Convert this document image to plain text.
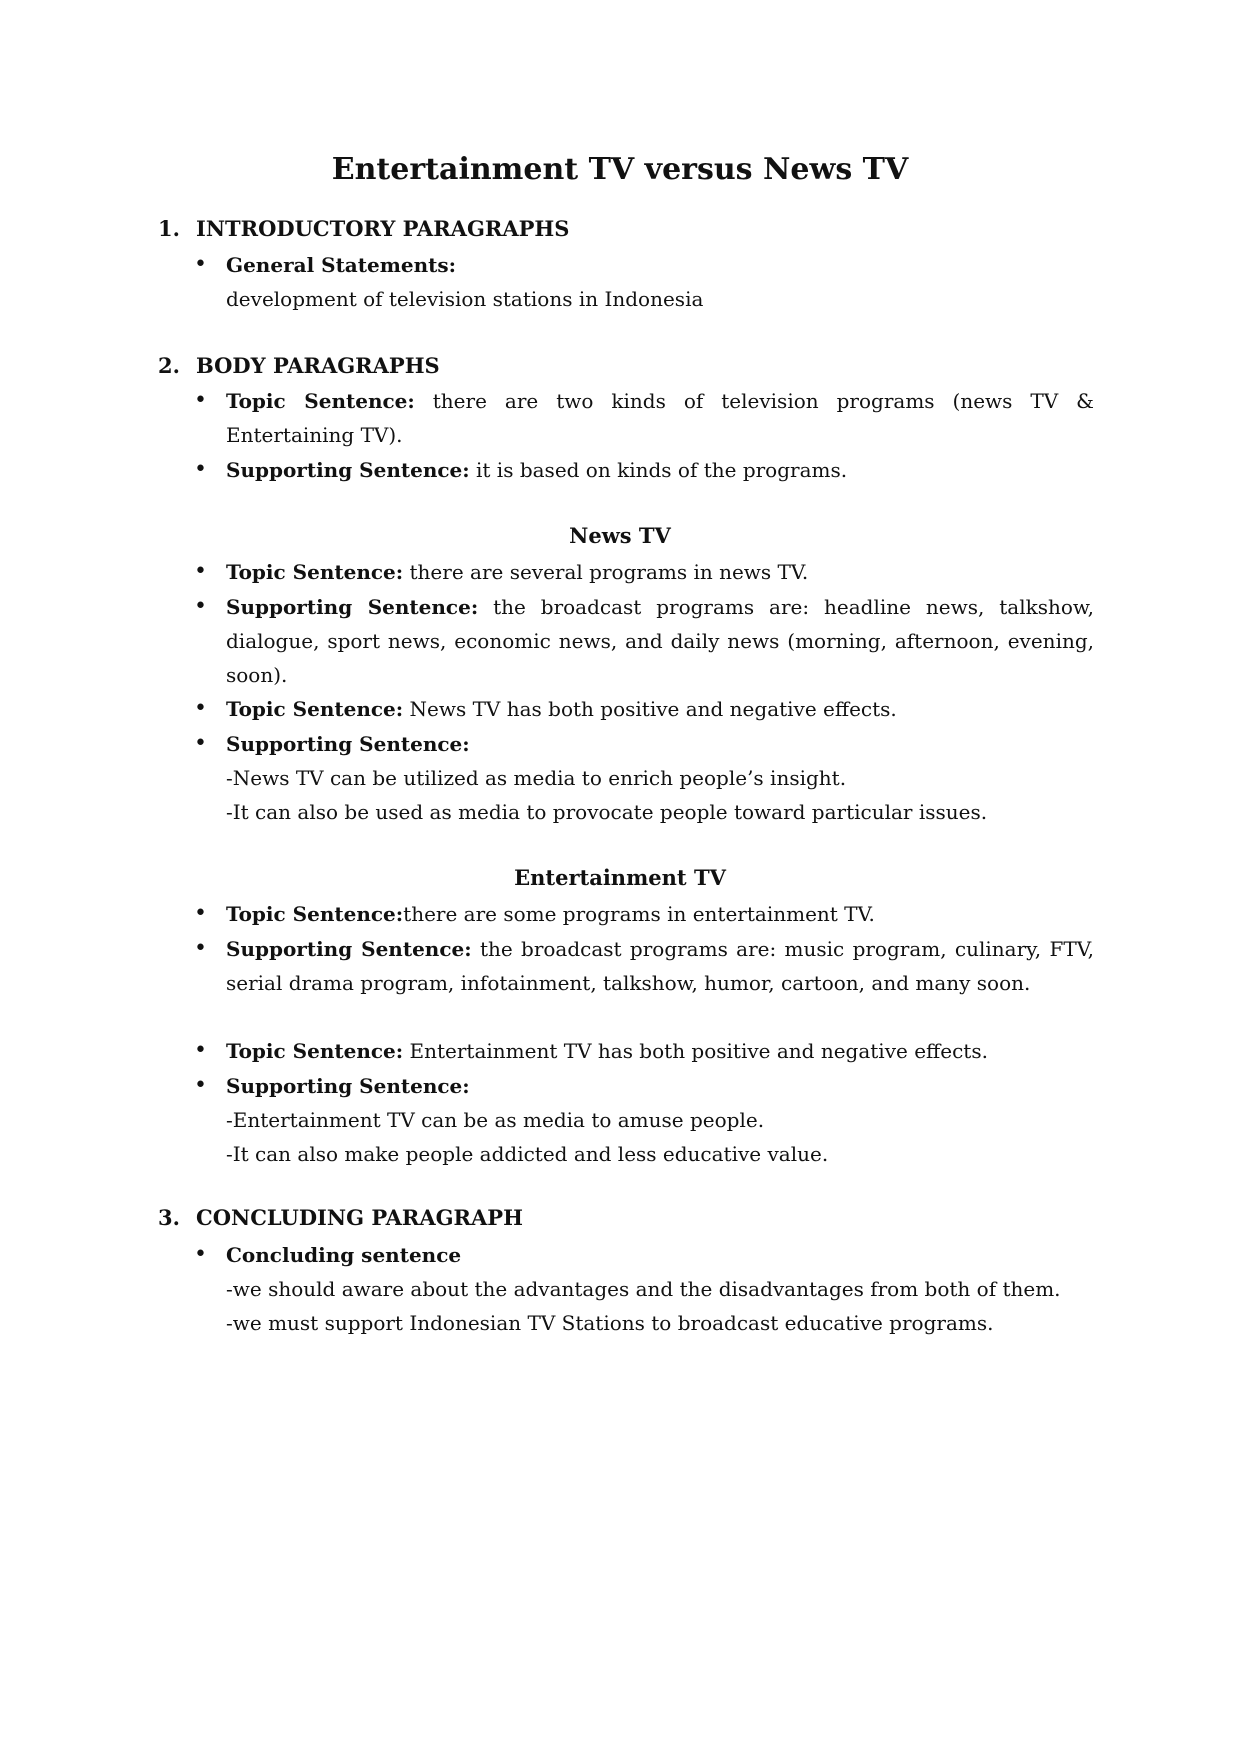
Entertainment TV versus News TV
1. INTRODUCTORY PARAGRAPHS
• General Statements:
development of television stations in Indonesia
2. BODY PARAGRAPHS
• Topic Sentence: there are two kinds of television programs (news TV & Entertaining TV).
• Supporting Sentence: it is based on kinds of the programs.
News TV
• Topic Sentence: there are several programs in news TV.
• Supporting Sentence: the broadcast programs are: headline news, talkshow, dialogue, sport news, economic news, and daily news (morning, afternoon, evening, soon).
• Topic Sentence: News TV has both positive and negative effects.
• Supporting Sentence:
-News TV can be utilized as media to enrich people’s insight.
-It can also be used as media to provocate people toward particular issues.
Entertainment TV
• Topic Sentence:there are some programs in entertainment TV.
• Supporting Sentence: the broadcast programs are: music program, culinary, FTV, serial drama program, infotainment, talkshow, humor, cartoon, and many soon.
• Topic Sentence: Entertainment TV has both positive and negative effects.
• Supporting Sentence:
-Entertainment TV can be as media to amuse people.
-It can also make people addicted and less educative value.
3. CONCLUDING PARAGRAPH
• Concluding sentence
-we should aware about the advantages and the disadvantages from both of them.
-we must support Indonesian TV Stations to broadcast educative programs.
